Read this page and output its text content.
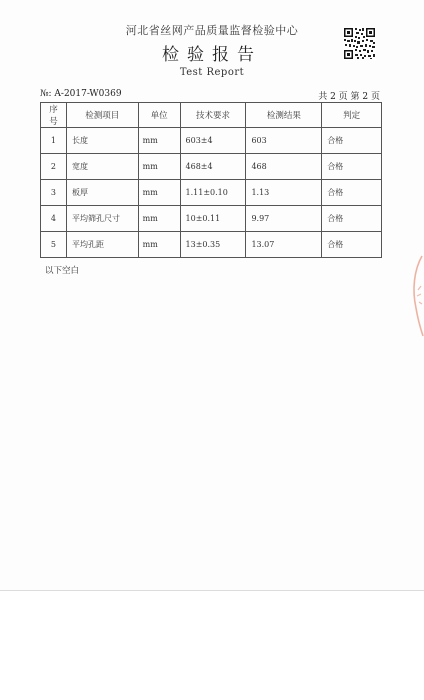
河北省丝网产品质量监督检验中心
检验报告
Test Report
№: A-2017-W0369	共 2 页 第 2 页
序号	检测项目	单位	技术要求	检测结果	判定
1	长度	mm	603±4	603	合格
2	宽度	mm	468±4	468	合格
3	板厚	mm	1.11±0.10	1.13	合格
4	平均筛孔尺寸	mm	10±0.11	9.97	合格
5	平均孔距	mm	13±0.35	13.07	合格
以下空白
